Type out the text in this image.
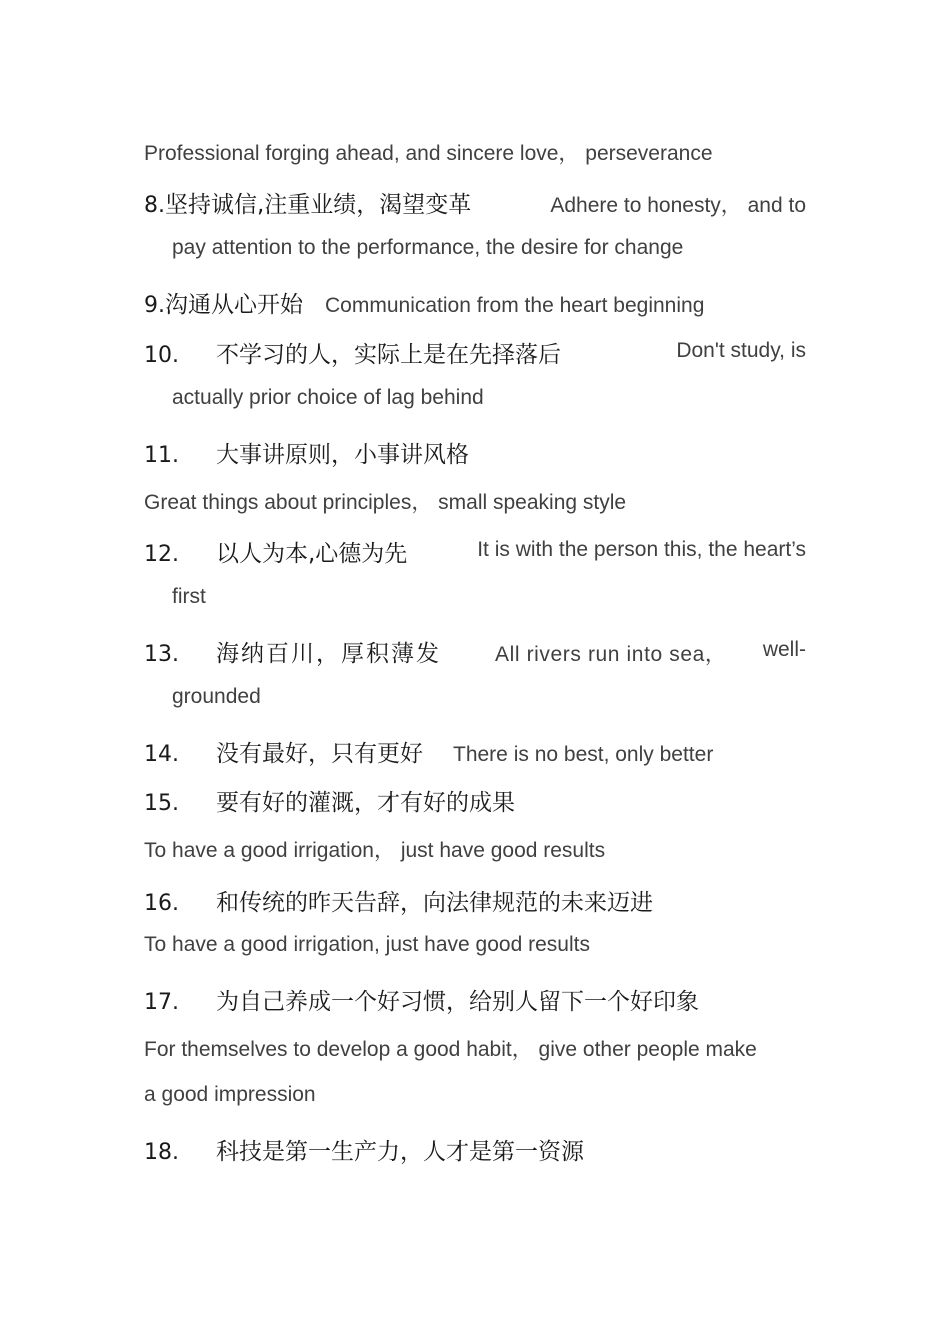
Professional forging ahead, and sincere love， perseverance
8.坚持诚信,注重业绩，渴望变革	Adhere to honesty， and to
pay attention to the performance, the desire for change
9.沟通从心开始 Communication from the heart beginning
10. 不学习的人，实际上是在先择落后	Don't study, is
actually prior choice of lag behind
11. 大事讲原则，小事讲风格
Great things about principles， small speaking style
12. 以人为本,心德为先	It is with the person this, the heart’s
first
13. 海纳百川，厚积薄发	All rivers run into sea， well-
grounded
14. 没有最好，只有更好 There is no best, only better
15. 要有好的灌溉，才有好的成果
To have a good irrigation， just have good results
16. 和传统的昨天告辞，向法律规范的未来迈进
To have a good irrigation, just have good results
17. 为自己养成一个好习惯，给别人留下一个好印象
For themselves to develop a good habit， give other people make
a good impression
18. 科技是第一生产力，人才是第一资源
